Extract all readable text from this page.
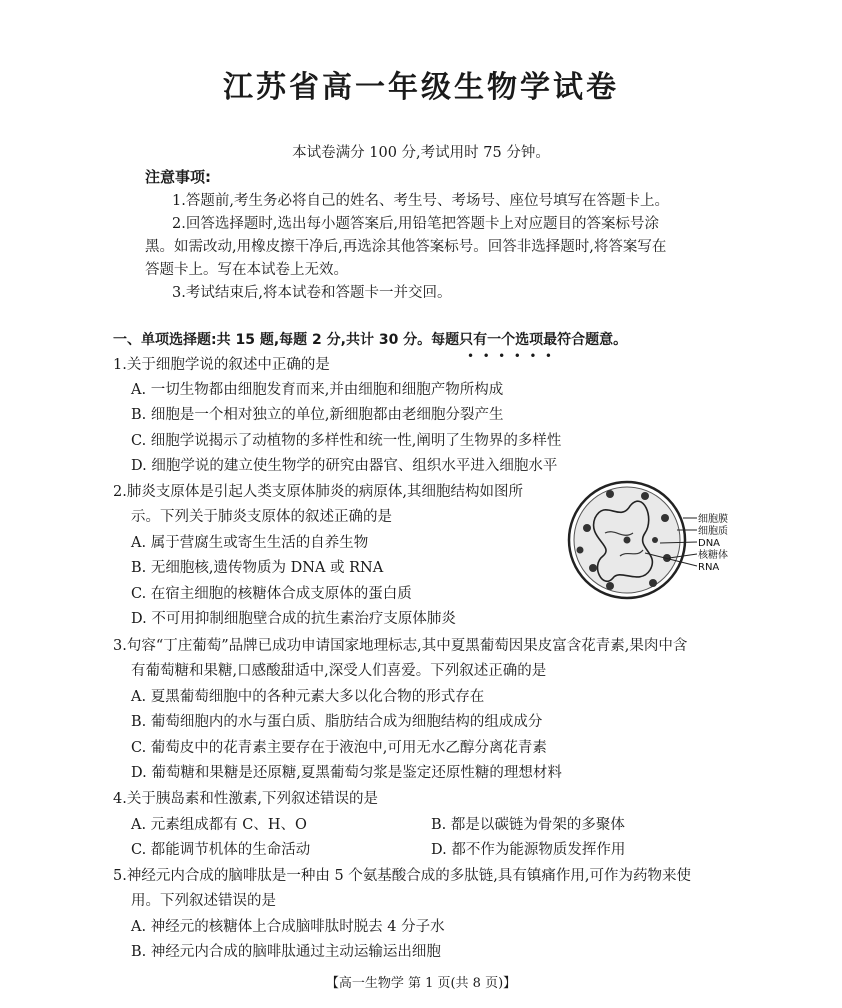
江苏省高一年级生物学试卷
本试卷满分 100 分,考试用时 75 分钟。
注意事项:
1.答题前,考生务必将自己的姓名、考生号、考场号、座位号填写在答题卡上。
2.回答选择题时,选出每小题答案后,用铅笔把答题卡上对应题目的答案标号涂
黑。如需改动,用橡皮擦干净后,再选涂其他答案标号。回答非选择题时,将答案写在
答题卡上。写在本试卷上无效。
3.考试结束后,将本试卷和答题卡一并交回。
一、单项选择题:共 15 题,每题 2 分,共计 30 分。每题只有一个选项最符合题意。
••••••
1.关于细胞学说的叙述中正确的是
A. 一切生物都由细胞发育而来,并由细胞和细胞产物所构成
B. 细胞是一个相对独立的单位,新细胞都由老细胞分裂产生
C. 细胞学说揭示了动植物的多样性和统一性,阐明了生物界的多样性
D. 细胞学说的建立使生物学的研究由器官、组织水平进入细胞水平
2.肺炎支原体是引起人类支原体肺炎的病原体,其细胞结构如图所
示。下列关于肺炎支原体的叙述正确的是
A. 属于营腐生或寄生生活的自养生物
B. 无细胞核,遗传物质为 DNA 或 RNA
C. 在宿主细胞的核糖体合成支原体的蛋白质
D. 不可用抑制细胞壁合成的抗生素治疗支原体肺炎
细胞膜
细胞质
DNA
核糖体
RNA
3.句容“丁庄葡萄”品牌已成功申请国家地理标志,其中夏黑葡萄因果皮富含花青素,果肉中含
有葡萄糖和果糖,口感酸甜适中,深受人们喜爱。下列叙述正确的是
A. 夏黑葡萄细胞中的各种元素大多以化合物的形式存在
B. 葡萄细胞内的水与蛋白质、脂肪结合成为细胞结构的组成成分
C. 葡萄皮中的花青素主要存在于液泡中,可用无水乙醇分离花青素
D. 葡萄糖和果糖是还原糖,夏黑葡萄匀浆是鉴定还原性糖的理想材料
4.关于胰岛素和性激素,下列叙述错误的是
A. 元素组成都有 C、H、O	B. 都是以碳链为骨架的多聚体
C. 都能调节机体的生命活动	D. 都不作为能源物质发挥作用
5.神经元内合成的脑啡肽是一种由 5 个氨基酸合成的多肽链,具有镇痛作用,可作为药物来使
用。下列叙述错误的是
A. 神经元的核糖体上合成脑啡肽时脱去 4 分子水
B. 神经元内合成的脑啡肽通过主动运输运出细胞
【高一生物学 第 1 页(共 8 页)】
